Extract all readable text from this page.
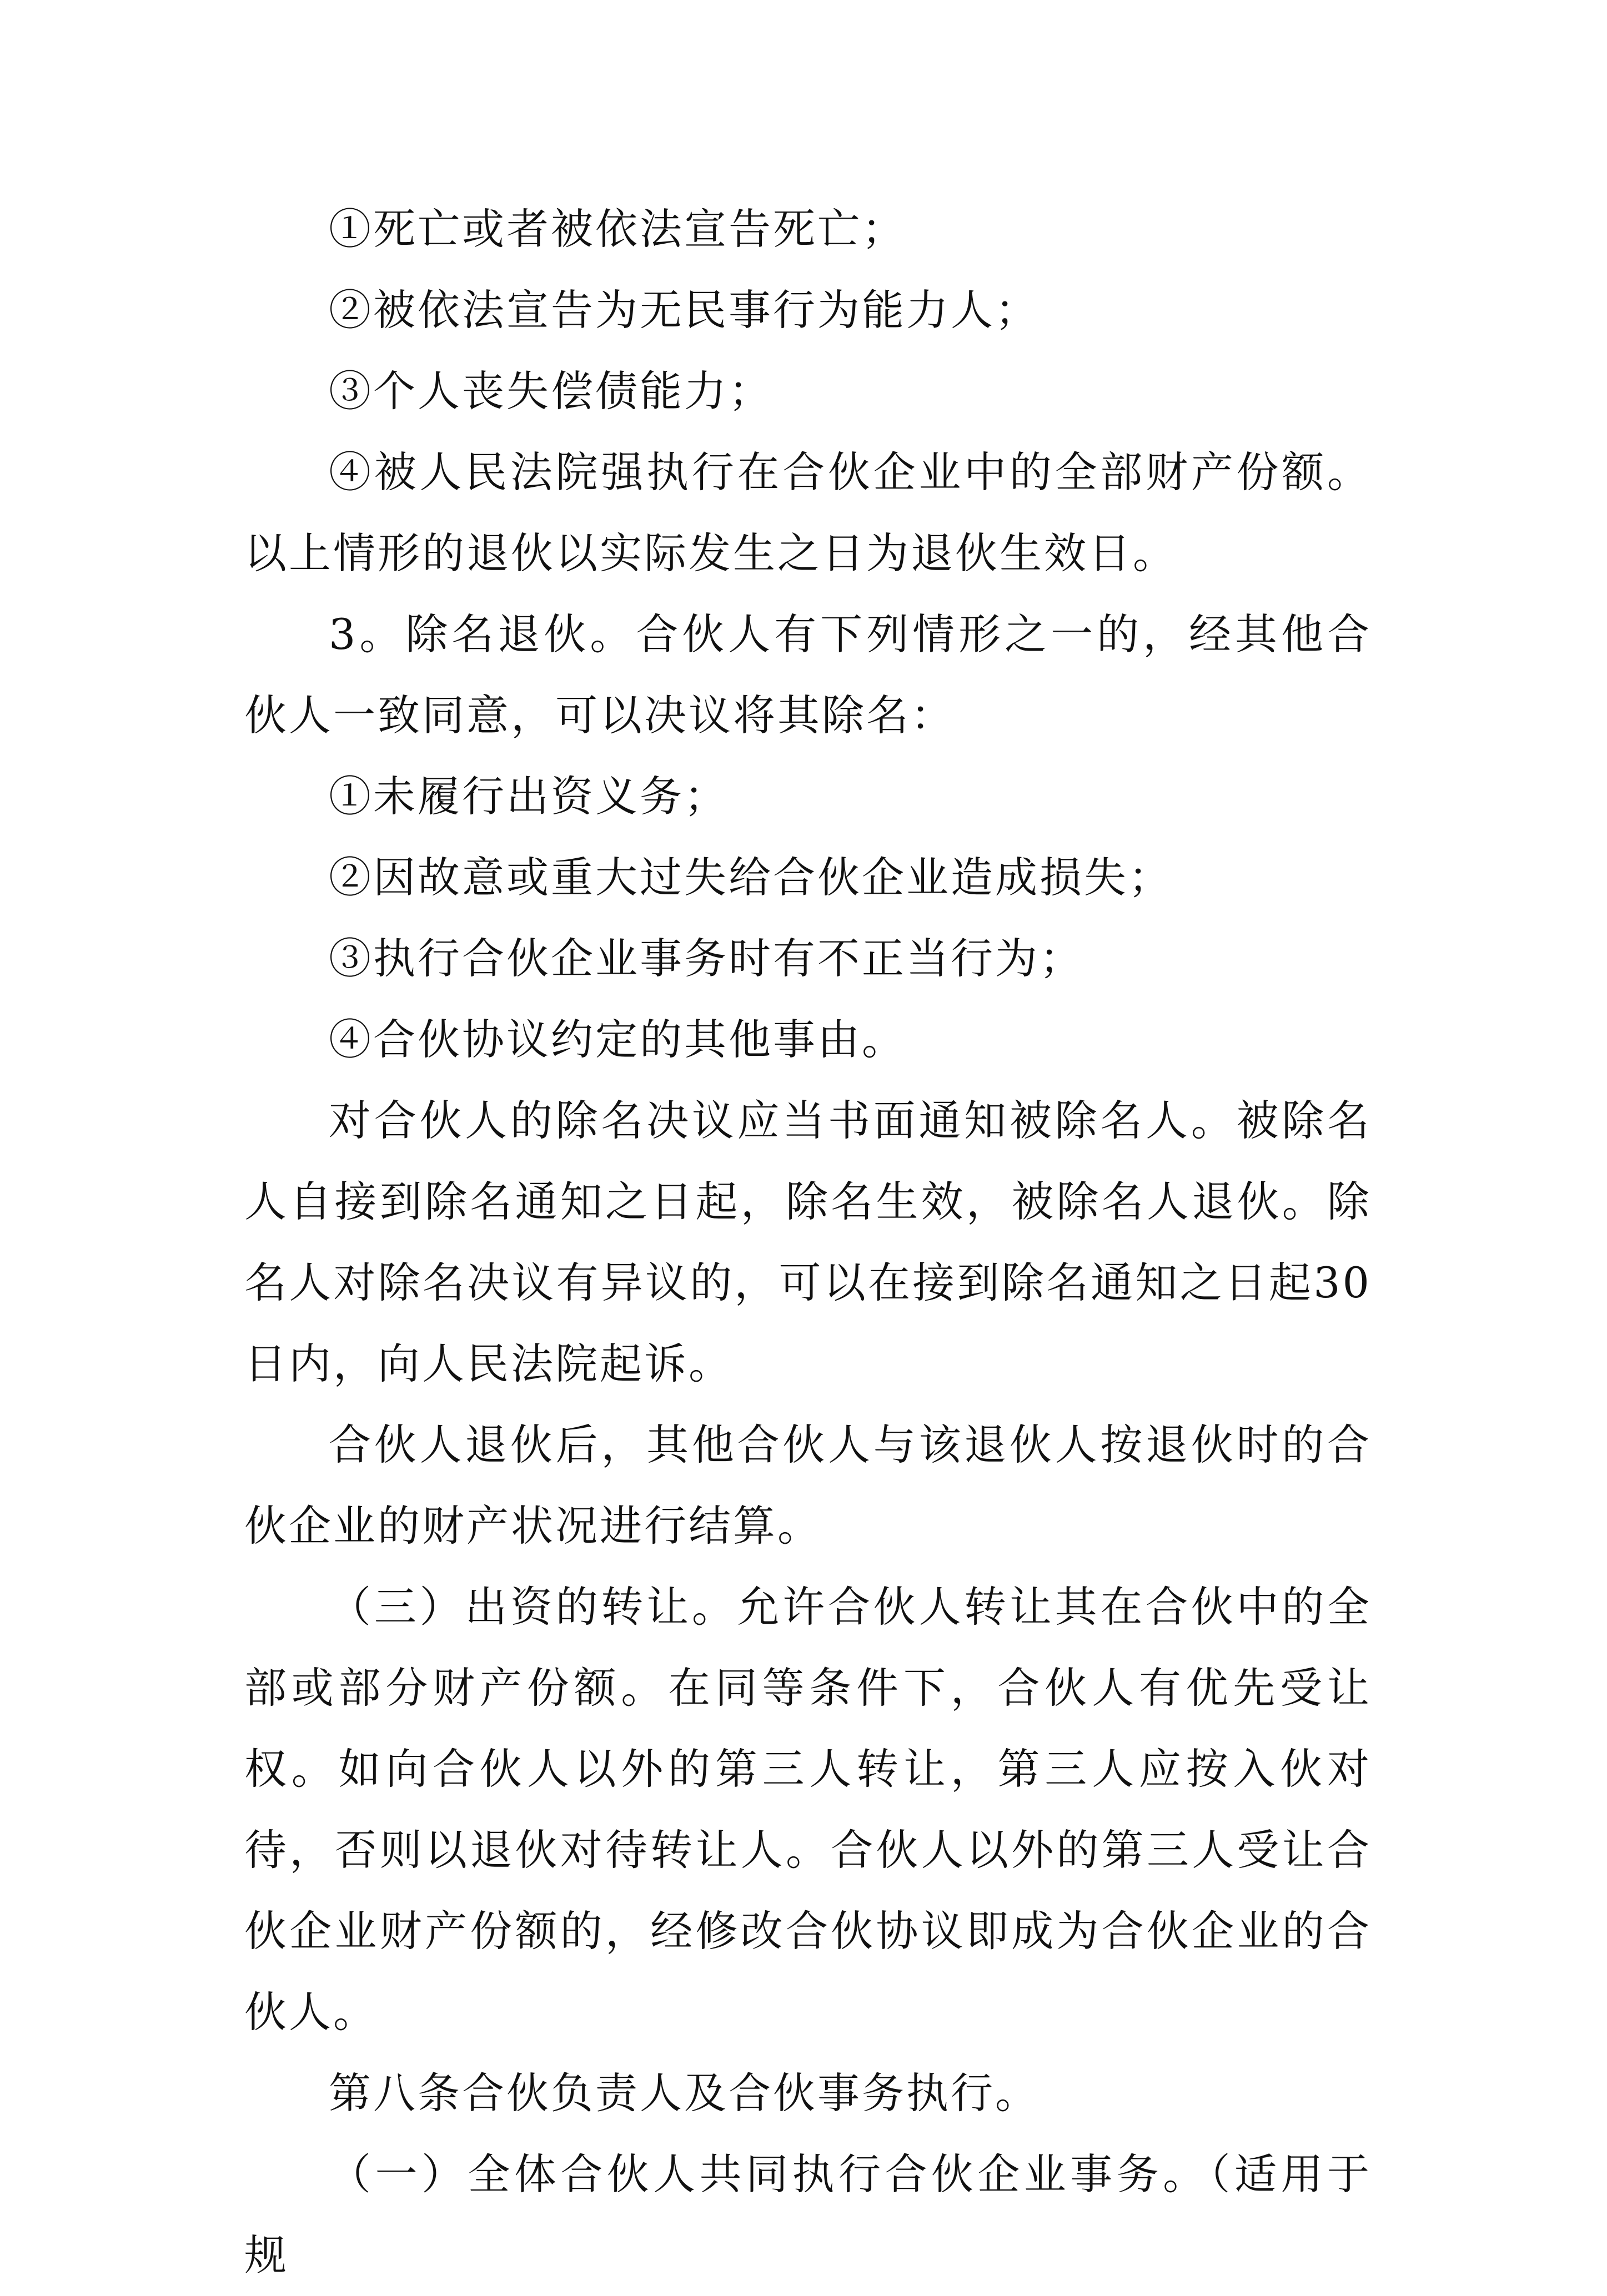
①死亡或者被依法宣告死亡；

②被依法宣告为无民事行为能力人；

③个人丧失偿债能力；

④被人民法院强执行在合伙企业中的全部财产份额。以上情形的退伙以实际发生之日为退伙生效日。

3。除名退伙。合伙人有下列情形之一的，经其他合伙人一致同意，可以决议将其除名：

①未履行出资义务；

②因故意或重大过失给合伙企业造成损失；

③执行合伙企业事务时有不正当行为；

④合伙协议约定的其他事由。

对合伙人的除名决议应当书面通知被除名人。被除名人自接到除名通知之日起，除名生效，被除名人退伙。除名人对除名决议有异议的，可以在接到除名通知之日起30日内，向人民法院起诉。

合伙人退伙后，其他合伙人与该退伙人按退伙时的合伙企业的财产状况进行结算。

（三）出资的转让。允许合伙人转让其在合伙中的全部或部分财产份额。在同等条件下，合伙人有优先受让权。如向合伙人以外的第三人转让，第三人应按入伙对待，否则以退伙对待转让人。合伙人以外的第三人受让合伙企业财产份额的，经修改合伙协议即成为合伙企业的合伙人。

第八条合伙负责人及合伙事务执行。

（一）全体合伙人共同执行合伙企业事务。（适用于规
